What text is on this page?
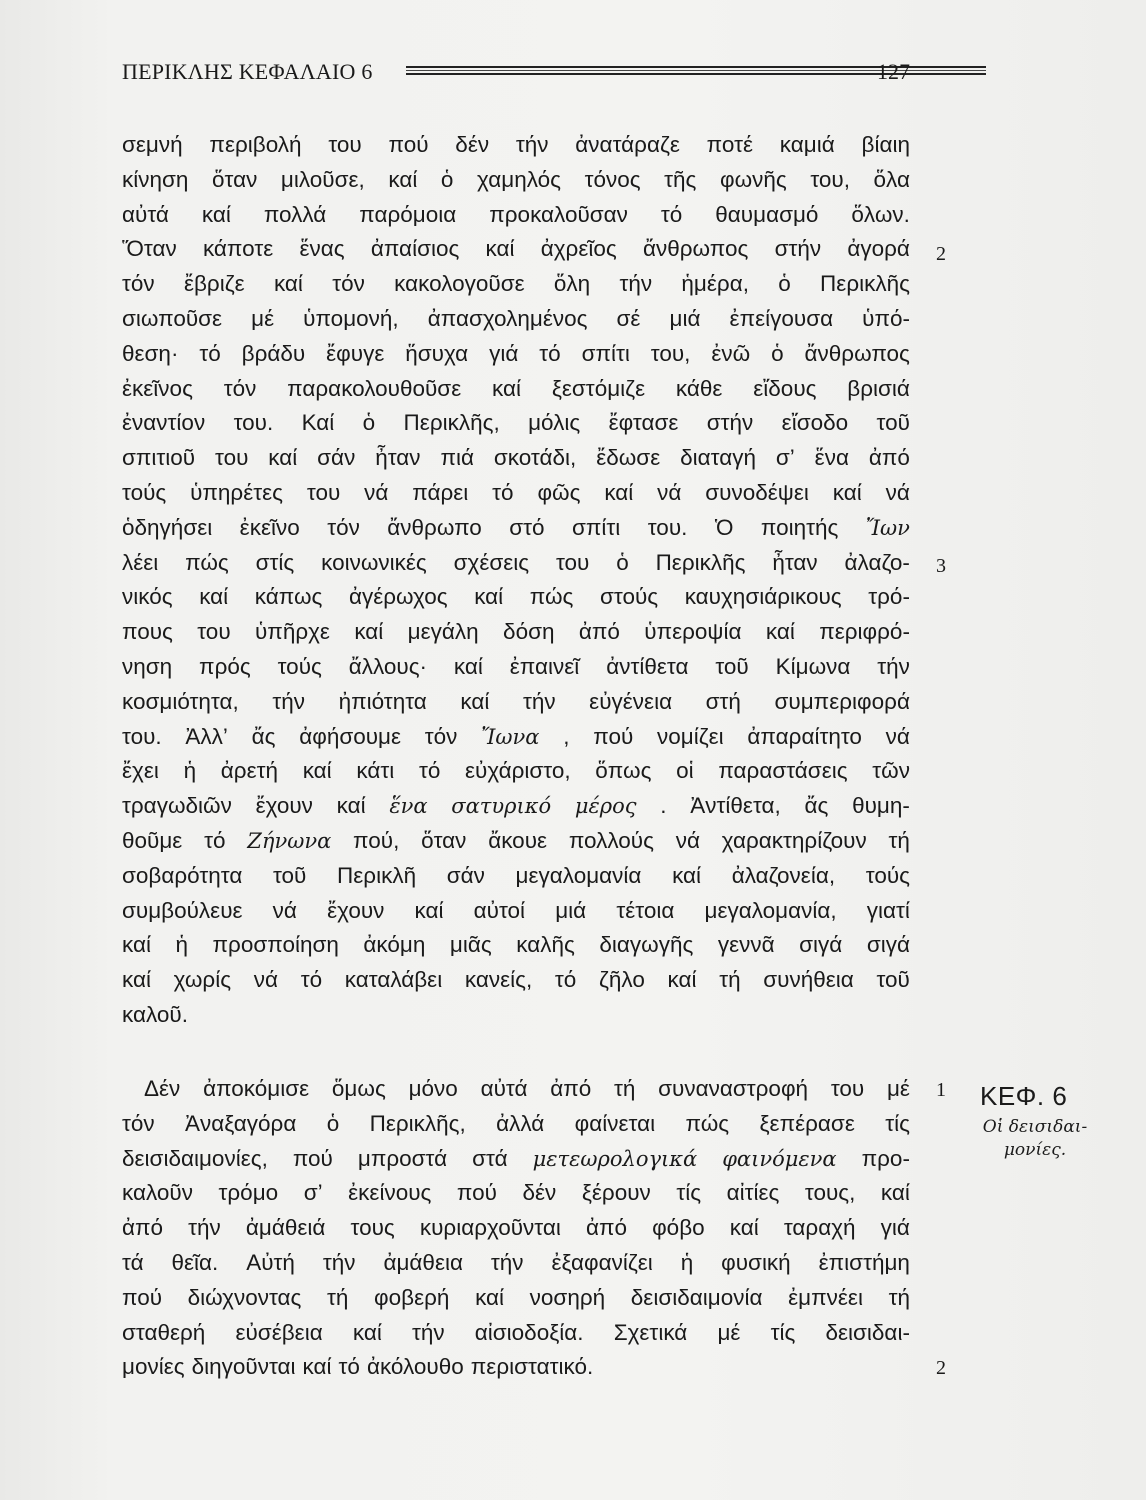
ΠΕΡΙΚΛΗΣ ΚΕΦΑΛΑΙΟ 6	127
σεμνή περιβολή του πού δέν τήν ἀνατάραζε ποτέ καμιά βίαιη
κίνηση ὅταν μιλοῦσε, καί ὁ χαμηλός τόνος τῆς φωνῆς του, ὅλα
αὐτά καί πολλά παρόμοια προκαλοῦσαν τό θαυμασμό ὅλων.
Ὅταν κάποτε ἕνας ἀπαίσιος καί ἀχρεῖος ἄνθρωπος στήν ἀγορά
τόν ἔβριζε καί τόν κακολογοῦσε ὅλη τήν ἡμέρα, ὁ Περικλῆς
σιωποῦσε μέ ὑπομονή, ἀπασχολημένος σέ μιά ἐπείγουσα ὑπό-
θεση· τό βράδυ ἔφυγε ἥσυχα γιά τό σπίτι του, ἐνῶ ὁ ἄνθρωπος
ἐκεῖνος τόν παρακολουθοῦσε καί ξεστόμιζε κάθε εἴδους βρισιά
ἐναντίον του. Καί ὁ Περικλῆς, μόλις ἔφτασε στήν εἴσοδο τοῦ
σπιτιοῦ του καί σάν ἦταν πιά σκοτάδι, ἔδωσε διαταγή σ’ ἕνα ἀπό
τούς ὑπηρέτες του νά πάρει τό φῶς καί νά συνοδέψει καί νά
ὁδηγήσει ἐκεῖνο τόν ἄνθρωπο στό σπίτι του. Ὁ ποιητής Ἴων
λέει πώς στίς κοινωνικές σχέσεις του ὁ Περικλῆς ἦταν ἀλαζο-
νικός καί κάπως ἀγέρωχος καί πώς στούς καυχησιάρικους τρό-
πους του ὑπῆρχε καί μεγάλη δόση ἀπό ὑπεροψία καί περιφρό-
νηση πρός τούς ἄλλους· καί ἐπαινεῖ ἀντίθετα τοῦ Κίμωνα τήν
κοσμιότητα, τήν ἠπιότητα καί τήν εὐγένεια στή συμπεριφορά
του. Ἀλλ’ ἄς ἀφήσουμε τόν Ἴωνα , πού νομίζει ἀπαραίτητο νά
ἔχει ἡ ἀρετή καί κάτι τό εὐχάριστο, ὅπως οἱ παραστάσεις τῶν
τραγωδιῶν ἔχουν καί ἕνα σατυρικό μέρος . Ἀντίθετα, ἄς θυμη-
θοῦμε τό Ζήνωνα πού, ὅταν ἄκουε πολλούς νά χαρακτηρίζουν τή
σοβαρότητα τοῦ Περικλῆ σάν μεγαλομανία καί ἀλαζονεία, τούς
συμβούλευε νά ἔχουν καί αὐτοί μιά τέτοια μεγαλομανία, γιατί
καί ἡ προσποίηση ἀκόμη μιᾶς καλῆς διαγωγῆς γεννᾶ σιγά σιγά
καί χωρίς νά τό καταλάβει κανείς, τό ζῆλο καί τή συνήθεια τοῦ
καλοῦ.
Δέν ἀποκόμισε ὅμως μόνο αὐτά ἀπό τή συναναστροφή του μέ
τόν Ἀναξαγόρα ὁ Περικλῆς, ἀλλά φαίνεται πώς ξεπέρασε τίς
δεισιδαιμονίες, πού μπροστά στά μετεωρολογικά φαινόμενα προ-
καλοῦν τρόμο σ’ ἐκείνους πού δέν ξέρουν τίς αἰτίες τους, καί
ἀπό τήν ἀμάθειά τους κυριαρχοῦνται ἀπό φόβο καί ταραχή γιά
τά θεῖα. Αὐτή τήν ἀμάθεια τήν ἐξαφανίζει ἡ φυσική ἐπιστήμη
πού διώχνοντας τή φοβερή καί νοσηρή δεισιδαιμονία ἐμπνέει τή
σταθερή εὐσέβεια καί τήν αἰσιοδοξία. Σχετικά μέ τίς δεισιδαι-
μονίες διηγοῦνται καί τό ἀκόλουθο περιστατικό.
2
3
1
2
ΚΕΦ. 6
Οἱ δεισιδαι-
μονίες.
